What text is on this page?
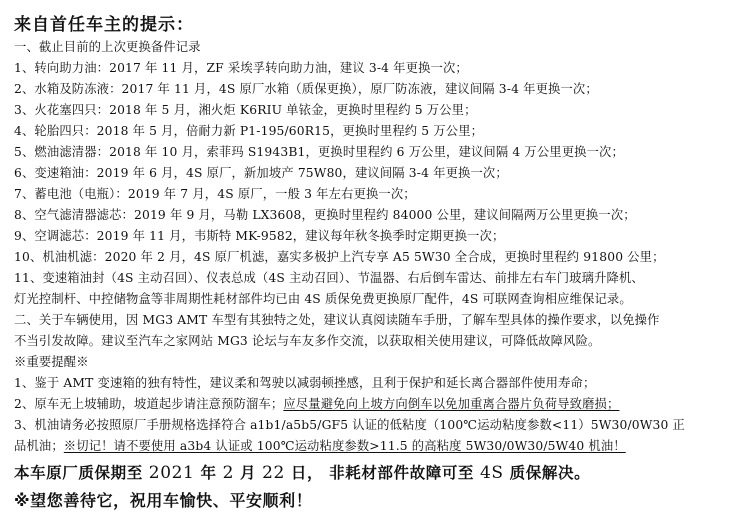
来自首任车主的提示：
一、截止目前的上次更换备件记录
1、转向助力油：2017 年 11 月，ZF 采埃孚转向助力油，建议 3-4 年更换一次；
2、水箱及防冻液：2017 年 11 月，4S 原厂水箱（质保更换），原厂防冻液，建议间隔 3-4 年更换一次；
3、火花塞四只：2018 年 5 月，湘火炬 K6RIU 单铱金，更换时里程约 5 万公里；
4、轮胎四只：2018 年 5 月，倍耐力新 P1-195/60R15，更换时里程约 5 万公里；
5、燃油滤清器：2018 年 10 月，索菲玛 S1943B1，更换时里程约 6 万公里，建议间隔 4 万公里更换一次；
6、变速箱油：2019 年 6 月，4S 原厂，新加坡产 75W80，建议间隔 3-4 年更换一次；
7、蓄电池（电瓶）：2019 年 7 月，4S 原厂，一般 3 年左右更换一次；
8、空气滤清器滤芯：2019 年 9 月，马勒 LX3608，更换时里程约 84000 公里，建议间隔两万公里更换一次；
9、空调滤芯：2019 年 11 月，韦斯特 MK-9582，建议每年秋冬换季时定期更换一次；
10、机油机滤：2020 年 2 月，4S 原厂机滤，嘉实多极护上汽专享 A5 5W30 全合成，更换时里程约 91800 公里；
11、变速箱油封（4S 主动召回）、仪表总成（4S 主动召回）、节温器、右后倒车雷达、前排左右车门玻璃升降机、
灯光控制杆、中控储物盒等非周期性耗材部件均已由 4S 质保免费更换原厂配件，4S 可联网查询相应维保记录。
二、关于车辆使用，因 MG3 AMT 车型有其独特之处，建议认真阅读随车手册，了解车型具体的操作要求，以免操作
不当引发故障。建议至汽车之家网站 MG3 论坛与车友多作交流，以获取相关使用建议，可降低故障风险。
※重要提醒※
1、鉴于 AMT 变速箱的独有特性，建议柔和驾驶以减弱顿挫感，且利于保护和延长离合器部件使用寿命；
2、原车无上坡辅助，坡道起步请注意预防溜车；应尽量避免向上坡方向倒车以免加重离合器片负荷导致磨损；
3、机油请务必按照原厂手册规格选择符合 a1b1/a5b5/GF5 认证的低粘度（100℃运动粘度参数<11）5W30/0W30 正
品机油；※切记！请不要使用 a3b4 认证或 100℃运动粘度参数>11.5 的高粘度 5W30/0W30/5W40 机油！
本车原厂质保期至 2021 年 2 月 22 日， 非耗材部件故障可至 4S 质保解决。
※望您善待它，祝用车愉快、平安顺利！
